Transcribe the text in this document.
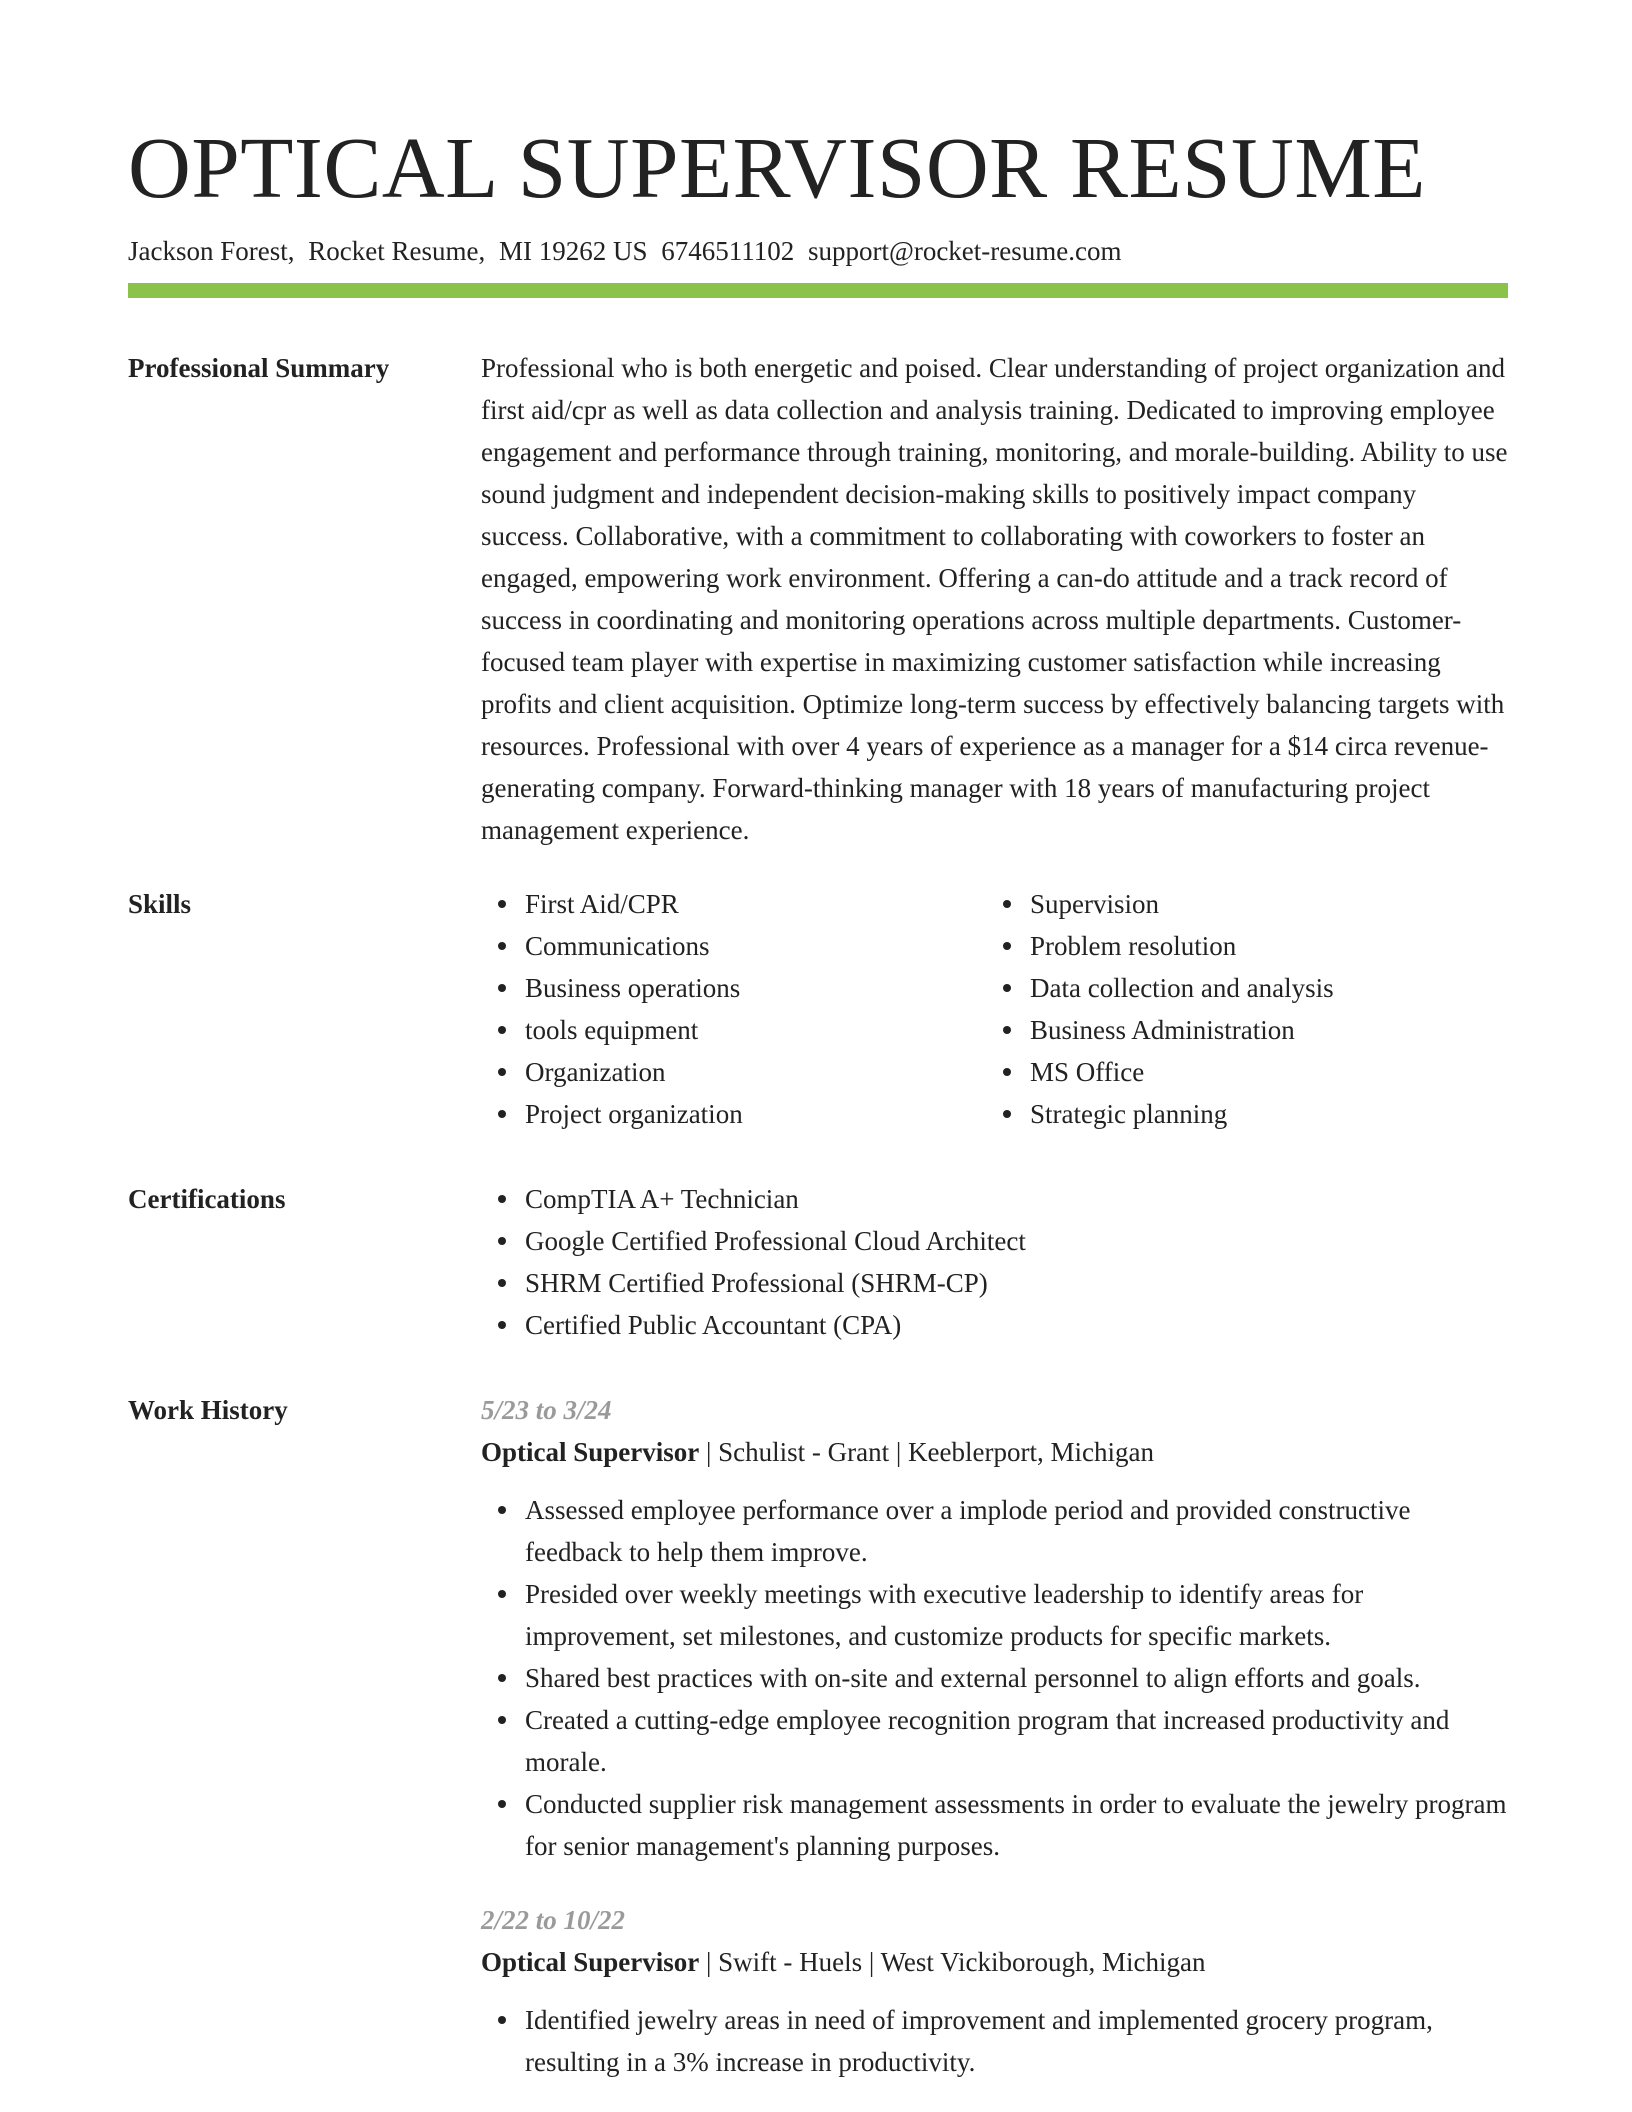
OPTICAL SUPERVISOR RESUME
Jackson Forest, Rocket Resume, MI 19262 US 6746511102 support@rocket-resume.com
Professional Summary	Professional who is both energetic and poised. Clear understanding of project organization and first aid/cpr as well as data collection and analysis training. Dedicated to improving employee engagement and performance through training, monitoring, and morale-building. Ability to use sound judgment and independent decision-making skills to positively impact company success. Collaborative, with a commitment to collaborating with coworkers to foster an engaged, empowering work environment. Offering a can-do attitude and a track record of success in coordinating and monitoring operations across multiple departments. Customer-focused team player with expertise in maximizing customer satisfaction while increasing profits and client acquisition. Optimize long-term success by effectively balancing targets with resources. Professional with over 4 years of experience as a manager for a $14 circa revenue-generating company. Forward-thinking manager with 18 years of manufacturing project management experience.

Skills	First Aid/CPR
Communications
Business operations
tools equipment
Organization
Project organization
Supervision
Problem resolution
Data collection and analysis
Business Administration
MS Office
Strategic planning
Certifications	CompTIA A+ Technician
Google Certified Professional Cloud Architect
SHRM Certified Professional (SHRM-CP)
Certified Public Accountant (CPA)
Work History	5/23 to 3/24
Optical Supervisor | Schulist - Grant | Keeblerport, Michigan
Assessed employee performance over a implode period and provided constructive feedback to help them improve.
Presided over weekly meetings with executive leadership to identify areas for improvement, set milestones, and customize products for specific markets.
Shared best practices with on-site and external personnel to align efforts and goals.
Created a cutting-edge employee recognition program that increased productivity and morale.
Conducted supplier risk management assessments in order to evaluate the jewelry program for senior management's planning purposes.
2/22 to 10/22
Optical Supervisor | Swift - Huels | West Vickiborough, Michigan
Identified jewelry areas in need of improvement and implemented grocery program, resulting in a 3% increase in productivity.
